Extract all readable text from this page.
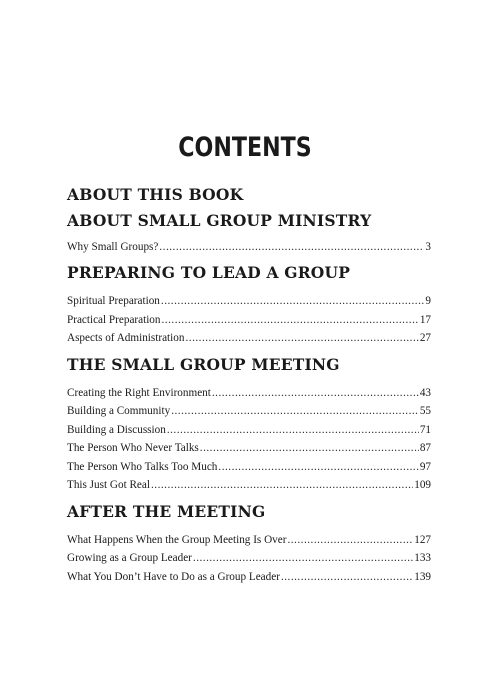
CONTENTS
ABOUT THIS BOOK
ABOUT SMALL GROUP MINISTRY
Why Small Groups? .....	3
PREPARING TO LEAD A GROUP
Spiritual Preparation .....	9
Practical Preparation .....	17
Aspects of Administration .....	27
THE SMALL GROUP MEETING
Creating the Right Environment .....	43
Building a Community .....	55
Building a Discussion .....	71
The Person Who Never Talks .....	87
The Person Who Talks Too Much .....	97
This Just Got Real .....	109
AFTER THE MEETING
What Happens When the Group Meeting Is Over .....	127
Growing as a Group Leader .....	133
What You Don’t Have to Do as a Group Leader .....	139
